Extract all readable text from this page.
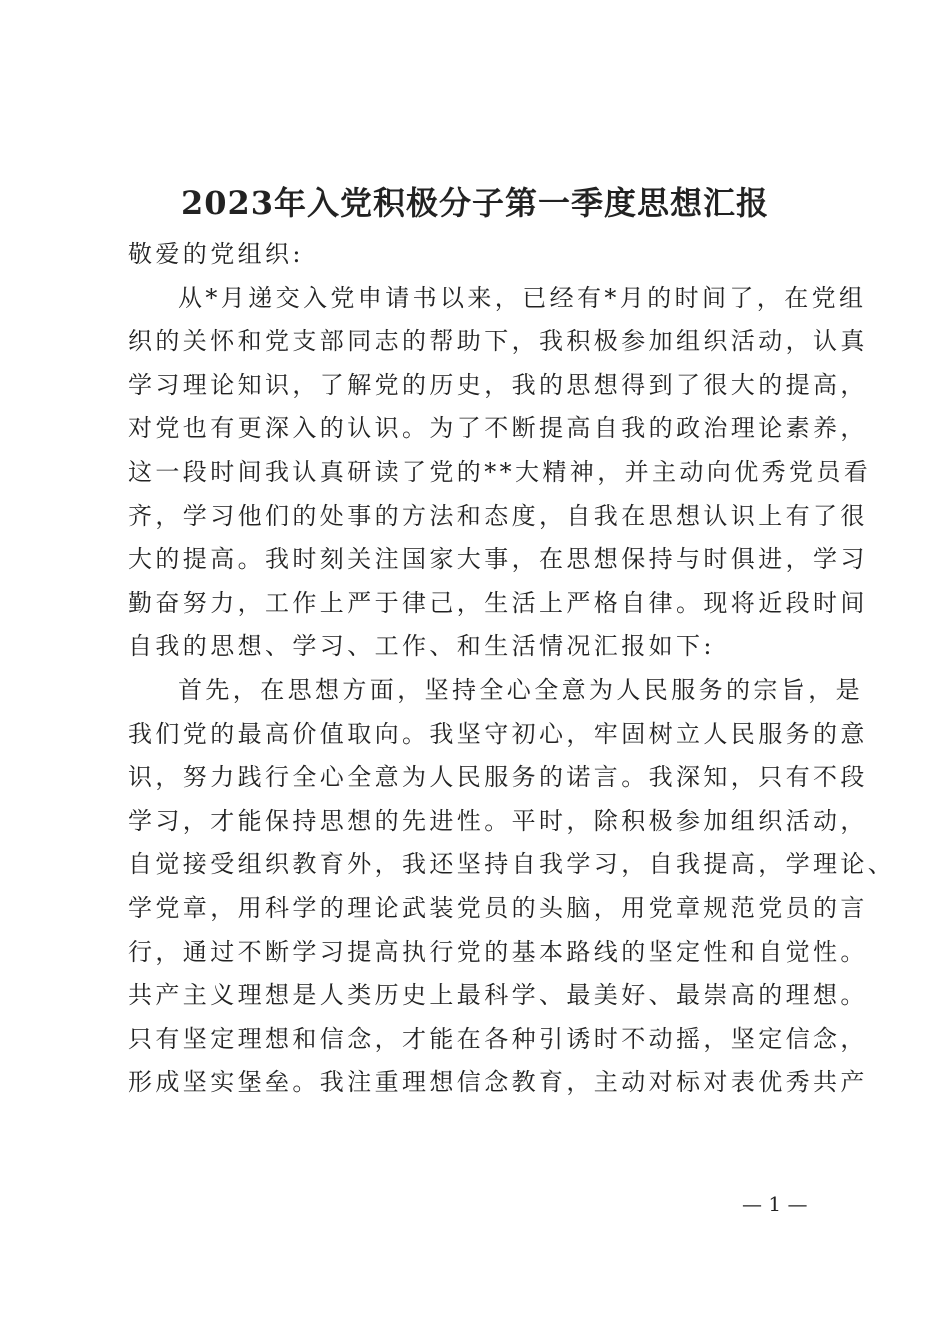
2023年入党积极分子第一季度思想汇报
敬爱的党组织:
从*月递交入党申请书以来，已经有*月的时间了，在党组
织的关怀和党支部同志的帮助下，我积极参加组织活动，认真
学习理论知识，了解党的历史，我的思想得到了很大的提高，
对党也有更深入的认识。为了不断提高自我的政治理论素养，
这一段时间我认真研读了党的**大精神，并主动向优秀党员看
齐，学习他们的处事的方法和态度，自我在思想认识上有了很
大的提高。我时刻关注国家大事，在思想保持与时俱进，学习
勤奋努力，工作上严于律己，生活上严格自律。现将近段时间
自我的思想、学习、工作、和生活情况汇报如下:
首先，在思想方面，坚持全心全意为人民服务的宗旨，是
我们党的最高价值取向。我坚守初心，牢固树立人民服务的意
识，努力践行全心全意为人民服务的诺言。我深知，只有不段
学习，才能保持思想的先进性。平时，除积极参加组织活动，
自觉接受组织教育外，我还坚持自我学习，自我提高，学理论、
学党章，用科学的理论武装党员的头脑，用党章规范党员的言
行，通过不断学习提高执行党的基本路线的坚定性和自觉性。
共产主义理想是人类历史上最科学、最美好、最崇高的理想。
只有坚定理想和信念，才能在各种引诱时不动摇，坚定信念，
形成坚实堡垒。我注重理想信念教育，主动对标对表优秀共产
— 1 —
